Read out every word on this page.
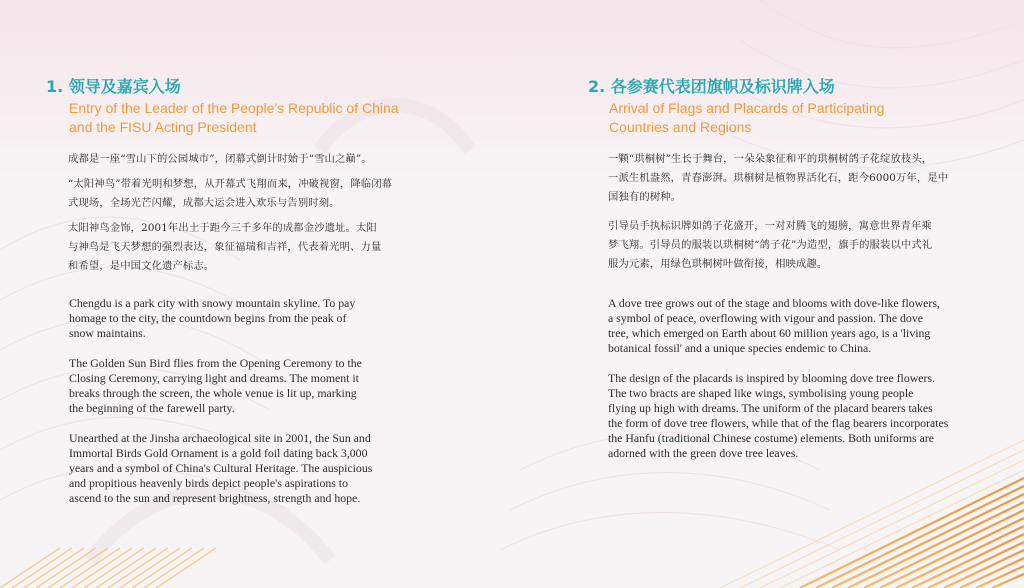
1. 领导及嘉宾入场

Entry of the Leader of the People's Republic of China

and the FISU Acting President

成都是一座“雪山下的公园城市”，闭幕式倒计时始于“雪山之巅”。

“太阳神鸟”带着光明和梦想，从开幕式飞翔而来，冲破视窗，降临闭幕

式现场，全场光芒闪耀，成都大运会进入欢乐与告别时刻。

太阳神鸟金饰，2001年出土于距今三千多年的成都金沙遗址。太阳

与神鸟是飞天梦想的强烈表达，象征福瑞和吉祥，代表着光明、力量

和希望，是中国文化遗产标志。

Chengdu is a park city with snowy mountain skyline. To pay

homage to the city, the countdown begins from the peak of

snow maintains.

The Golden Sun Bird flies from the Opening Ceremony to the

Closing Ceremony, carrying light and dreams. The moment it

breaks through the screen, the whole venue is lit up, marking

the beginning of the farewell party.

Unearthed at the Jinsha archaeological site in 2001, the Sun and

Immortal Birds Gold Ornament is a gold foil dating back 3,000

years and a symbol of China's Cultural Heritage. The auspicious

and propitious heavenly birds depict people's aspirations to

ascend to the sun and represent brightness, strength and hope.

2. 各参赛代表团旗帜及标识牌入场

Arrival of Flags and Placards of Participating

Countries and Regions

一颗“珙桐树”生长于舞台，一朵朵象征和平的珙桐树鸽子花绽放枝头，

一派生机盎然，青春澎湃。珙桐树是植物界活化石，距今6000万年，是中

国独有的树种。

引导员手执标识牌如鸽子花盛开，一对对腾飞的翅膀，寓意世界青年乘

梦飞翔。引导员的服装以珙桐树“鸽子花”为造型，旗手的服装以中式礼

服为元素，用绿色珙桐树叶做衔接，相映成趣。

A dove tree grows out of the stage and blooms with dove-like flowers,

a symbol of peace, overflowing with vigour and passion. The dove

tree, which emerged on Earth about 60 million years ago, is a 'living

botanical fossil' and a unique species endemic to China.

The design of the placards is inspired by blooming dove tree flowers.

The two bracts are shaped like wings, symbolising young people

flying up high with dreams. The uniform of the placard bearers takes

the form of dove tree flowers, while that of the flag bearers incorporates

the Hanfu (traditional Chinese costume) elements. Both uniforms are

adorned with the green dove tree leaves.
